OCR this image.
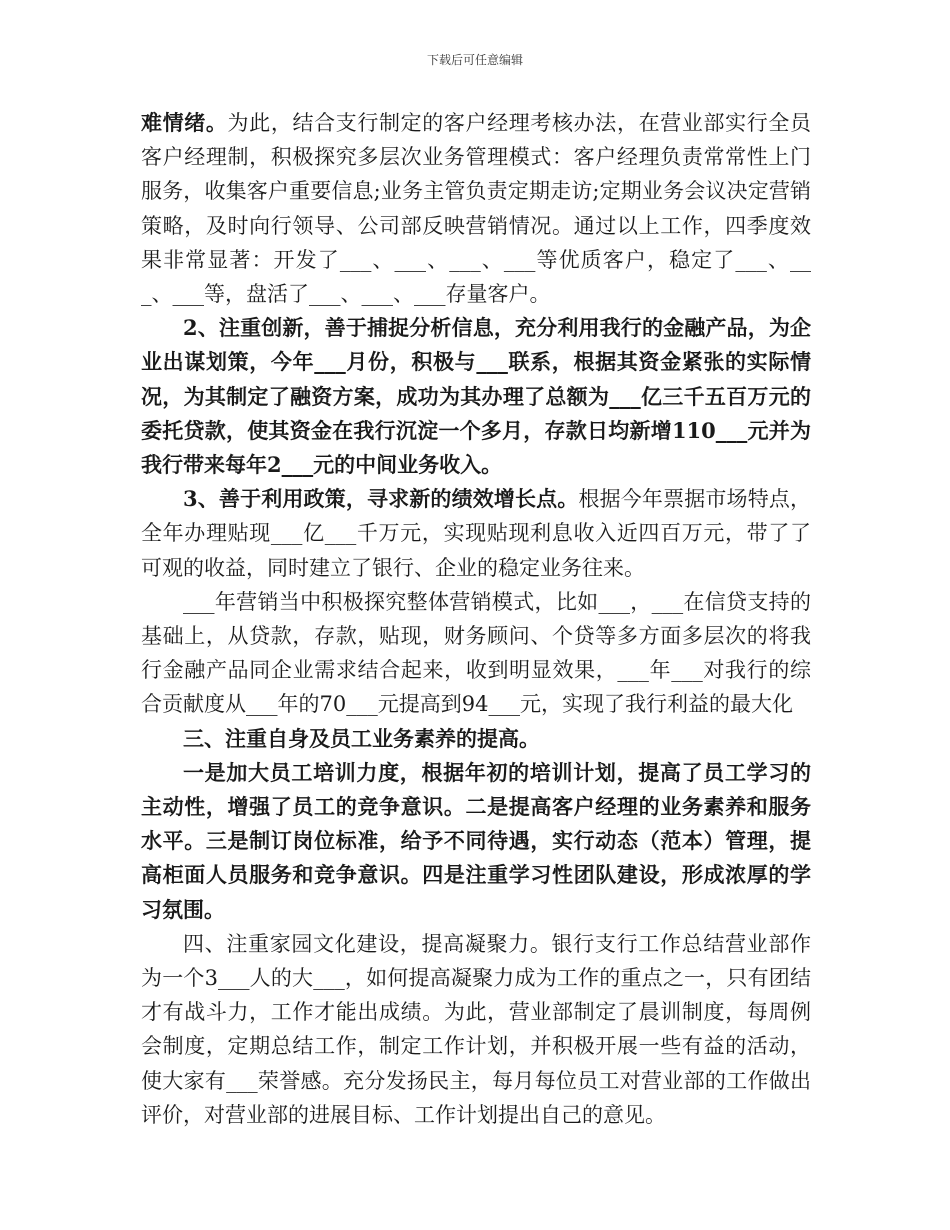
下载后可任意编辑

难情绪。为此，结合支行制定的客户经理考核办法，在营业部实行全员客户经理制，积极探究多层次业务管理模式：客户经理负责常常性上门服务，收集客户重要信息;业务主管负责定期走访;定期业务会议决定营销策略，及时向行领导、公司部反映营销情况。通过以上工作，四季度效果非常显著：开发了___、___、___、___等优质客户，稳定了___、___、___等，盘活了___、___、___存量客户。

2、注重创新，善于捕捉分析信息，充分利用我行的金融产品，为企业出谋划策，今年___月份，积极与___联系，根据其资金紧张的实际情况，为其制定了融资方案，成功为其办理了总额为___亿三千五百万元的委托贷款，使其资金在我行沉淀一个多月，存款日均新增110___元并为我行带来每年2___元的中间业务收入。

3、善于利用政策，寻求新的绩效增长点。根据今年票据市场特点，全年办理贴现___亿___千万元，实现贴现利息收入近四百万元，带了了可观的收益，同时建立了银行、企业的稳定业务往来。

___年营销当中积极探究整体营销模式，比如___，___在信贷支持的基础上，从贷款，存款，贴现，财务顾问、个贷等多方面多层次的将我行金融产品同企业需求结合起来，收到明显效果，___年___对我行的综合贡献度从___年的70___元提高到94___元，实现了我行利益的最大化

三、注重自身及员工业务素养的提高。

一是加大员工培训力度，根据年初的培训计划，提高了员工学习的主动性，增强了员工的竞争意识。二是提高客户经理的业务素养和服务水平。三是制订岗位标准，给予不同待遇，实行动态（范本）管理，提高柜面人员服务和竞争意识。四是注重学习性团队建设，形成浓厚的学习氛围。

四、注重家园文化建设，提高凝聚力。银行支行工作总结营业部作为一个3___人的大___，如何提高凝聚力成为工作的重点之一，只有团结才有战斗力，工作才能出成绩。为此，营业部制定了晨训制度，每周例会制度，定期总结工作，制定工作计划，并积极开展一些有益的活动，使大家有___荣誉感。充分发扬民主，每月每位员工对营业部的工作做出评价，对营业部的进展目标、工作计划提出自己的意见。
